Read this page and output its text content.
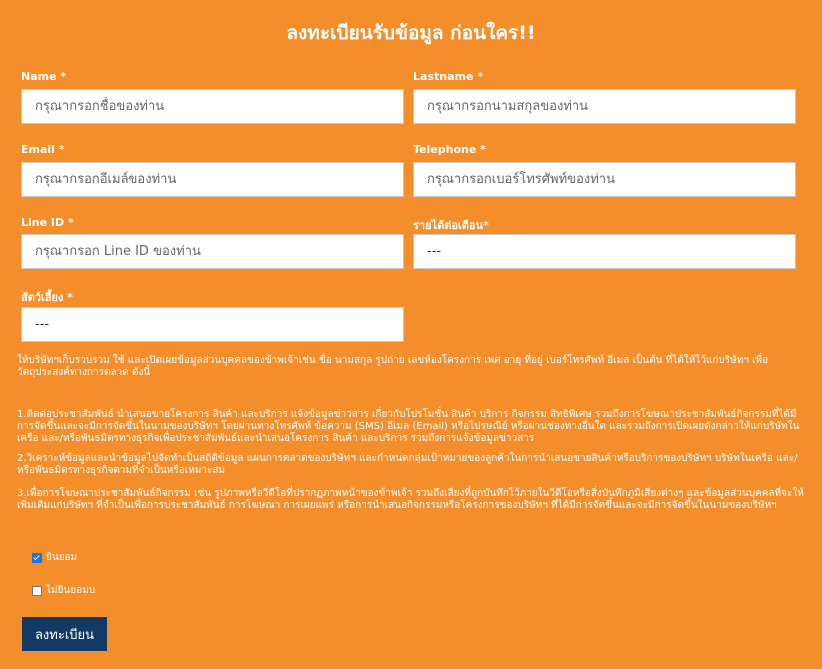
ลงทะเบียนรับข้อมูล ก่อนใคร!!
Name *
กรุณากรอกชื่อของท่าน
Lastname *
กรุณากรอกนามสกุลของท่าน
Email *
กรุณากรอกอีเมล์ของท่าน
Telephone *
กรุณากรอกเบอร์โทรศัพท์ของท่าน
Line ID *
กรุณากรอก Line ID ของท่าน
รายได้ต่อเดือน*
---
สัตว์เลี้ยง *
---
ให้บริษัทฯเก็บรวบรวม ใช้ และเปิดเผยข้อมูลส่วนบุคคลของข้าพเจ้าเช่น ชื่อ นามสกุล รูปถ่าย เลขห้องโครงการ เพศ อายุ ที่อยู่ เบอร์โทรศัพท์ อีเมล เป็นต้น ที่ได้ให้ไว้แก่บริษัทฯ เพื่อวัตถุประสงค์ทางการตลาด ดังนี้
1.ติดต่อประชาสัมพันธ์ นำเสนอขายโครงการ สินค้า และบริการ แจ้งข้อมูลข่าวสาร เกี่ยวกับโปรโมชั่น สินค้า บริการ กิจกรรม สิทธิพิเศษ รวมถึงการโฆษณาประชาสัมพันธ์กิจกรรมที่ได้มีการจัดขึ้นและจะมีการจัดขึ้นในนามของบริษัทฯ โดยผ่านทางโทรศัพท์ ข้อความ (SMS) อีเมล (Email) หรือไปรษณีย์ หรือผ่านช่องทางอื่นใด และรวมถึงการเปิดเผยดังกล่าวให้แก่บริษัทในเครือ และ/หรือพันธมิตรทางธุรกิจเพื่อประชาสัมพันธ์และนำเสนอโครงการ สินค้า และบริการ รวมถึงการแจ้งข้อมูลข่าวสาร
2.วิเคราะห์ข้อมูลและนำข้อมูลไปจัดทำเป็นสถิติข้อมูล แผนการตลาดของบริษัทฯ และกำหนดกลุ่มเป้าหมายของลูกค้าในการนำเสนอขายสินค้าหรือบริการของบริษัทฯ บริษัทในเครือ และ/หรือพันธมิตรทางธุรกิจตามที่จำเป็นหรือเหมาะสม
3.เพื่อการโฆษณาประชาสัมพันธ์กิจกรรม เช่น รูปภาพหรือวีดีโอที่ปรากฏภาพหน้าของข้าพเจ้า รวมถึงเสียงที่ถูกบันทึกไว้ภายในวีดีโอหรือสิ่งบันทึกภูมิเสียงต่างๆ และข้อมูลส่วนบุคคลที่จะให้เพิ่มเติมแก่บริษัทฯ ที่จำเป็นเพื่อการประชาสัมพันธ์ การโฆษณา การเผยแพร่ หรือการนำเสนอกิจกรรมหรือโครงการของบริษัทฯ ที่ได้มีการจัดขึ้นและจะมีการจัดขึ้นในนามของบริษัทฯ
ยินยอม
ไม่ยินยอมบ
ลงทะเบียน
